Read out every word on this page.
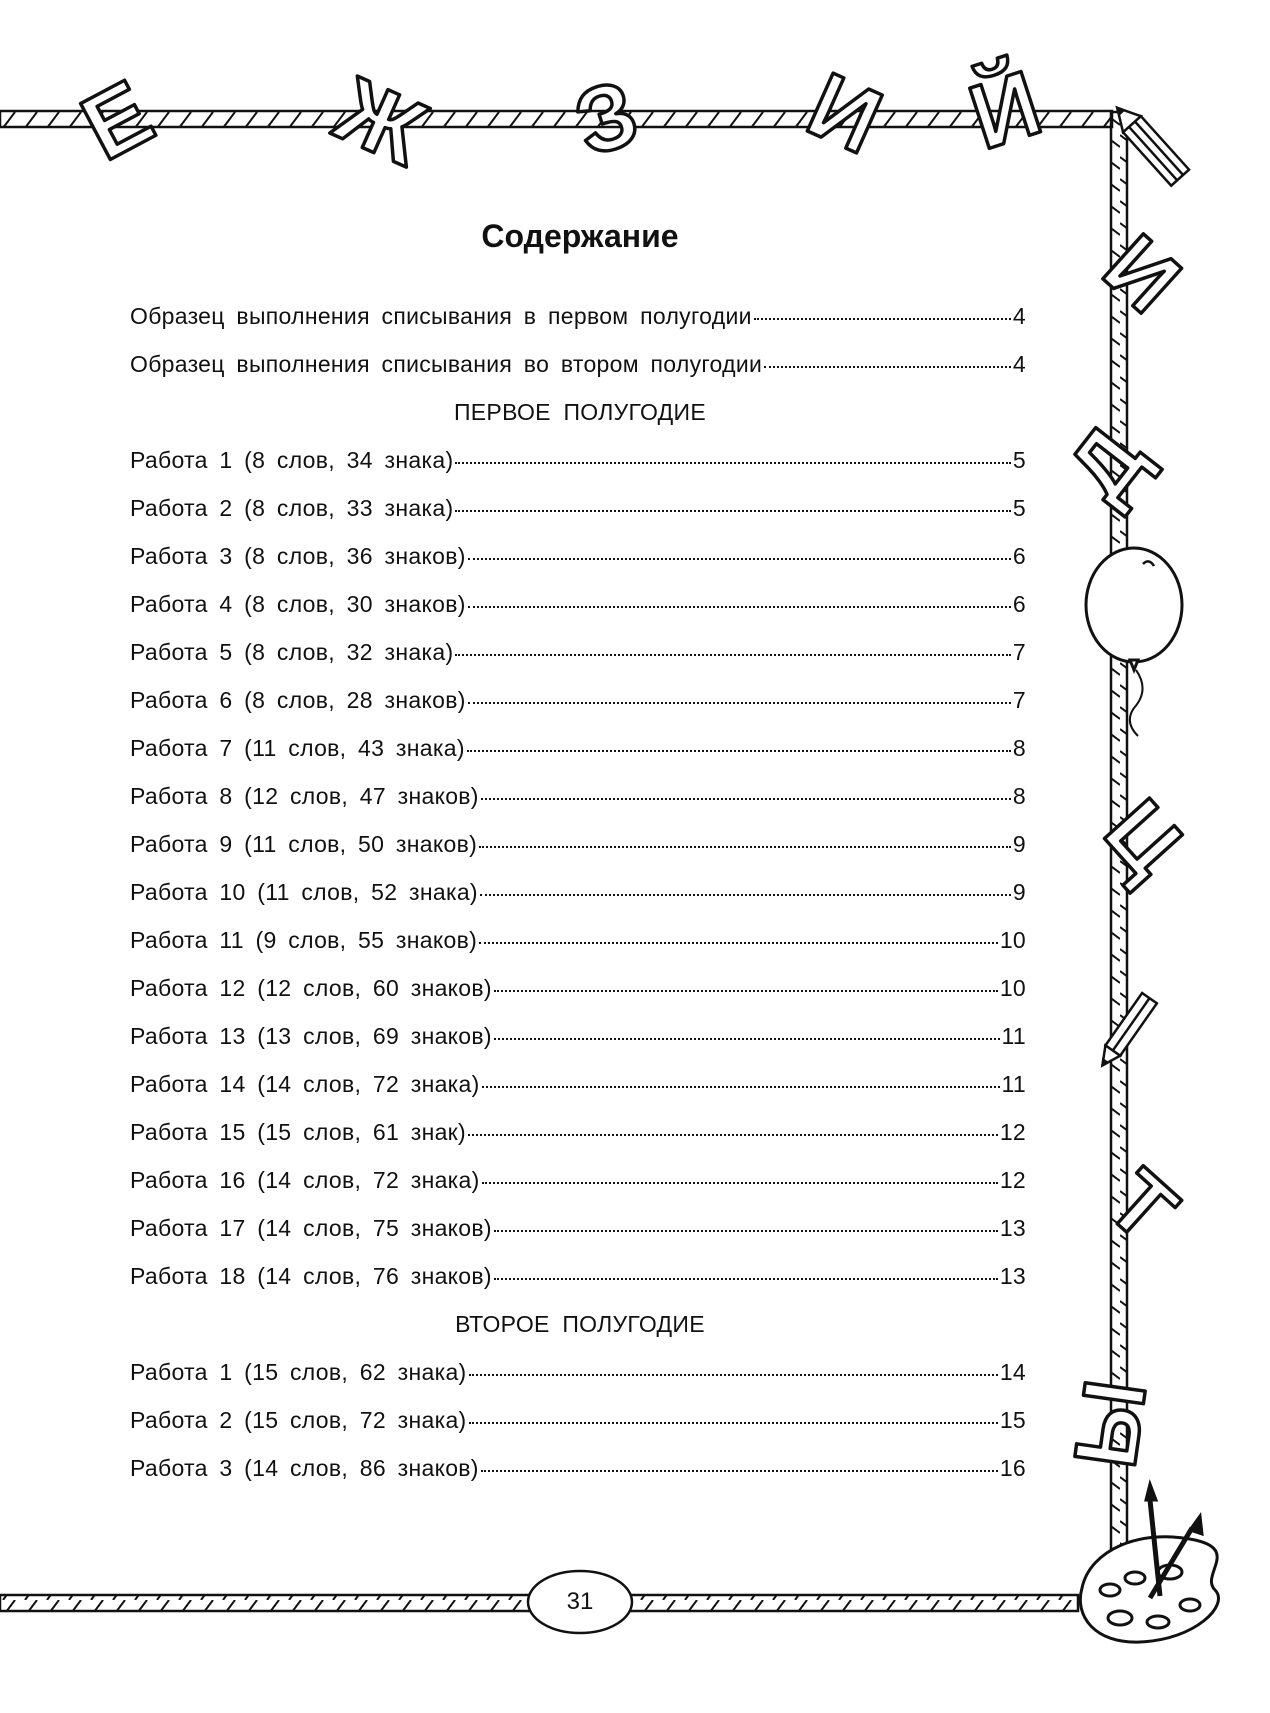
Е Ж З И Й
И
Д
Ц
Т
Ы
Содержание
Образец выполнения списывания в первом полугодии	4
Образец выполнения списывания во втором полугодии	4
ПЕРВОЕ ПОЛУГОДИЕ
Работа 1 (8 слов, 34 знака)	5
Работа 2 (8 слов, 33 знака)	5
Работа 3 (8 слов, 36 знаков)	6
Работа 4 (8 слов, 30 знаков)	6
Работа 5 (8 слов, 32 знака)	7
Работа 6 (8 слов, 28 знаков)	7
Работа 7 (11 слов, 43 знака)	8
Работа 8 (12 слов, 47 знаков)	8
Работа 9 (11 слов, 50 знаков)	9
Работа 10 (11 слов, 52 знака)	9
Работа 11 (9 слов, 55 знаков)	10
Работа 12 (12 слов, 60 знаков)	10
Работа 13 (13 слов, 69 знаков)	11
Работа 14 (14 слов, 72 знака)	11
Работа 15 (15 слов, 61 знак)	12
Работа 16 (14 слов, 72 знака)	12
Работа 17 (14 слов, 75 знаков)	13
Работа 18 (14 слов, 76 знаков)	13
ВТОРОЕ ПОЛУГОДИЕ
Работа 1 (15 слов, 62 знака)	14
Работа 2 (15 слов, 72 знака)	15
Работа 3 (14 слов, 86 знаков)	16
31
